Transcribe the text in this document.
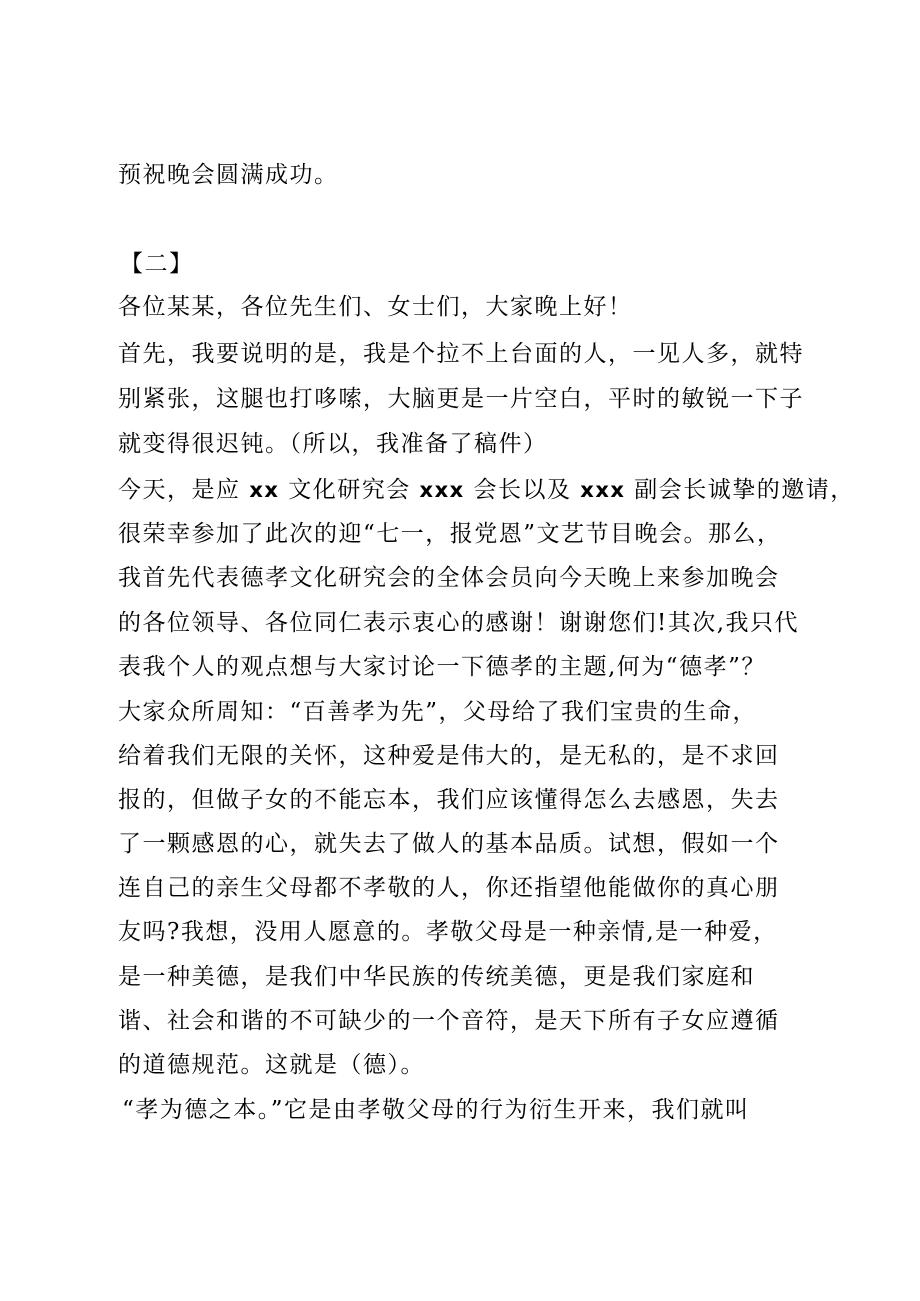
预祝晚会圆满成功。
【二】
各位某某，各位先生们、女士们，大家晚上好！
首先，我要说明的是，我是个拉不上台面的人，一见人多，就特
别紧张，这腿也打哆嗦，大脑更是一片空白，平时的敏锐一下子
就变得很迟钝。（所以，我准备了稿件）
今天，是应 xx 文化研究会 xxx 会长以及 xxx 副会长诚挚的邀请，
很荣幸参加了此次的迎“七一，报党恩”文艺节目晚会。那么，
我首先代表德孝文化研究会的全体会员向今天晚上来参加晚会
的各位领导、各位同仁表示衷心的感谢！谢谢您们!其次,我只代
表我个人的观点想与大家讨论一下德孝的主题,何为“德孝”？
大家众所周知：“百善孝为先”，父母给了我们宝贵的生命，
给着我们无限的关怀，这种爱是伟大的，是无私的，是不求回
报的，但做子女的不能忘本，我们应该懂得怎么去感恩，失去
了一颗感恩的心，就失去了做人的基本品质。试想，假如一个
连自己的亲生父母都不孝敬的人，你还指望他能做你的真心朋
友吗?我想，没用人愿意的。孝敬父母是一种亲情,是一种爱，
是一种美德，是我们中华民族的传统美德，更是我们家庭和
谐、社会和谐的不可缺少的一个音符，是天下所有子女应遵循
的道德规范。这就是（德）。
“孝为德之本。”它是由孝敬父母的行为衍生开来，我们就叫
